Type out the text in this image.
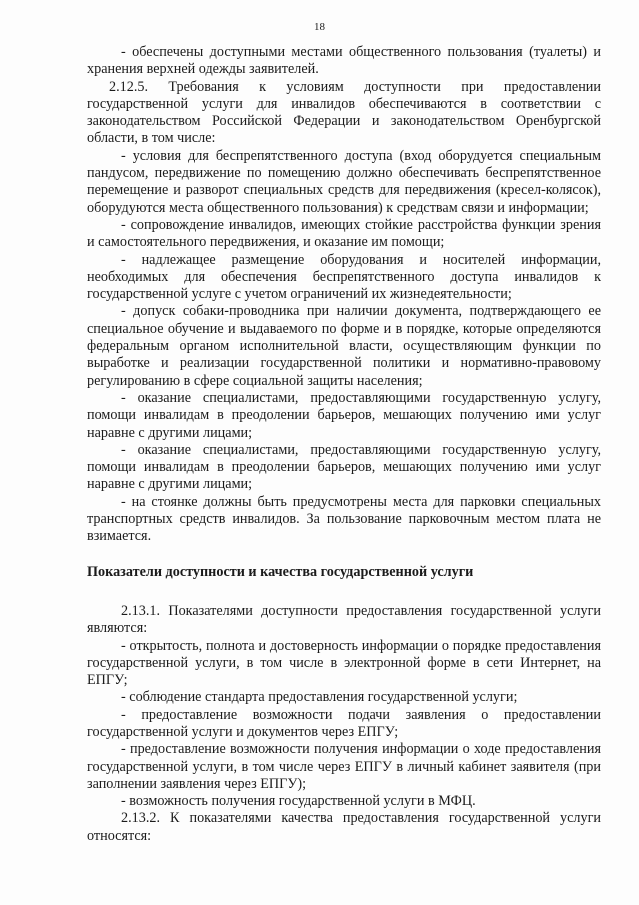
18

- обеспечены доступными местами общественного пользования (туалеты) и хранения верхней одежды заявителей.

2.12.5. Требования к условиям доступности при предоставлении государственной услуги для инвалидов обеспечиваются в соответствии с законодательством Российской Федерации и законодательством Оренбургской области, в том числе:

- условия для беспрепятственного доступа (вход оборудуется специальным пандусом, передвижение по помещению должно обеспечивать беспрепятственное перемещение и разворот специальных средств для передвижения (кресел-колясок), оборудуются места общественного пользования) к средствам связи и информации;

- сопровождение инвалидов, имеющих стойкие расстройства функции зрения и самостоятельного передвижения, и оказание им помощи;

- надлежащее размещение оборудования и носителей информации, необходимых для обеспечения беспрепятственного доступа инвалидов к государственной услуге с учетом ограничений их жизнедеятельности;

- допуск собаки-проводника при наличии документа, подтверждающего ее специальное обучение и выдаваемого по форме и в порядке, которые определяются федеральным органом исполнительной власти, осуществляющим функции по выработке и реализации государственной политики и нормативно-правовому регулированию в сфере социальной защиты населения;

- оказание специалистами, предоставляющими государственную услугу, помощи инвалидам в преодолении барьеров, мешающих получению ими услуг наравне с другими лицами;

- оказание специалистами, предоставляющими государственную услугу, помощи инвалидам в преодолении барьеров, мешающих получению ими услуг наравне с другими лицами;

- на стоянке должны быть предусмотрены места для парковки специальных транспортных средств инвалидов. За пользование парковочным местом плата не взимается.

Показатели доступности и качества государственной услуги

2.13.1. Показателями доступности предоставления государственной услуги являются:

- открытость, полнота и достоверность информации о порядке предоставления государственной услуги, в том числе в электронной форме в сети Интернет, на ЕПГУ;

- соблюдение стандарта предоставления государственной услуги;

- предоставление возможности подачи заявления о предоставлении государственной услуги и документов через ЕПГУ;

- предоставление возможности получения информации о ходе предоставления государственной услуги, в том числе через ЕПГУ в личный кабинет заявителя (при заполнении заявления через ЕПГУ);

- возможность получения государственной услуги в МФЦ.

2.13.2. К показателями качества предоставления государственной услуги относятся:
